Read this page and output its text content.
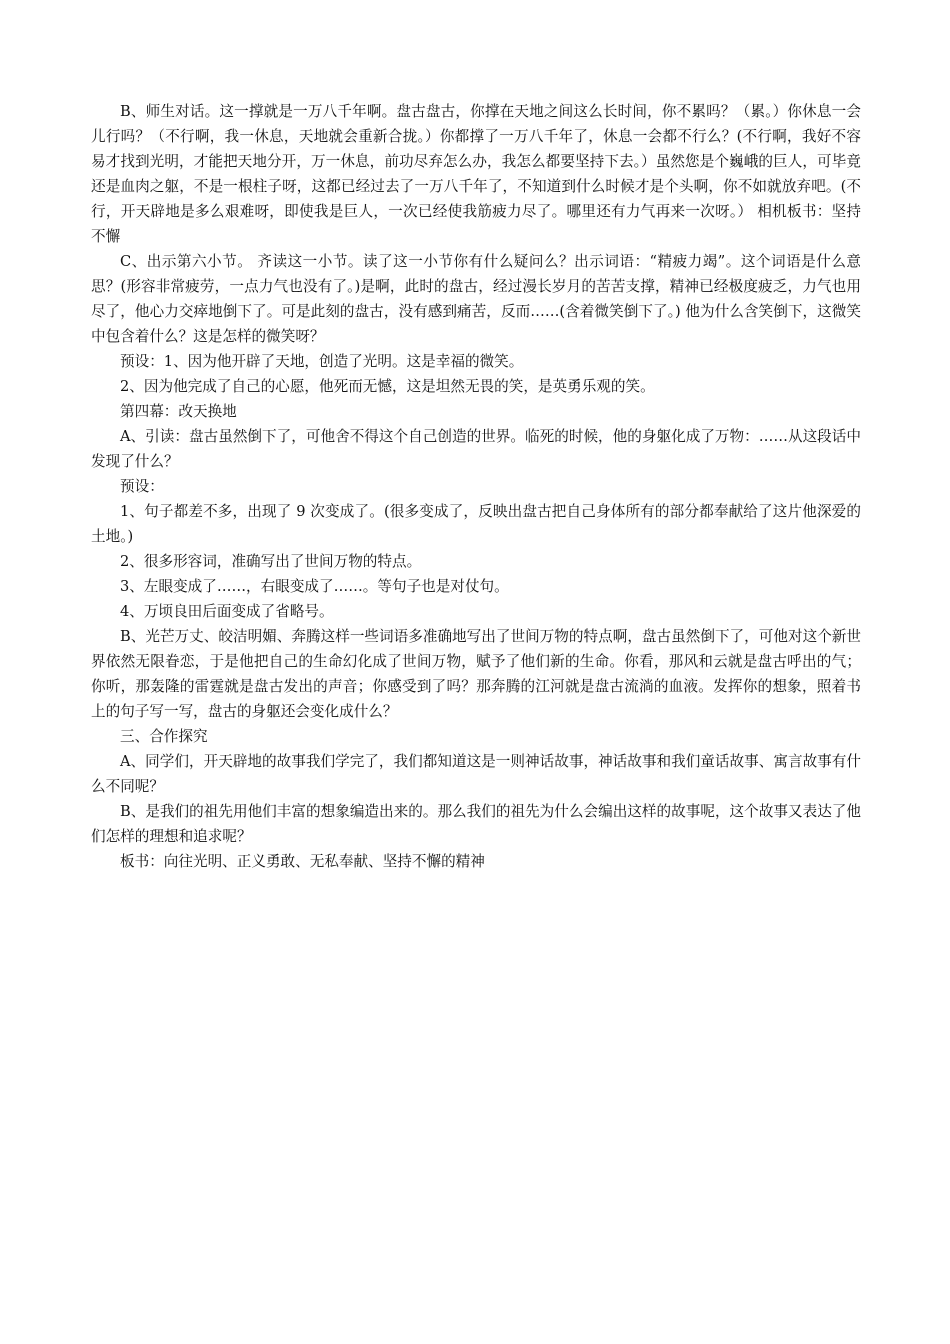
B、师生对话。这一撑就是一万八千年啊。盘古盘古，你撑在天地之间这么长时间，你不累吗？（累。）你休息一会儿行吗？（不行啊，我一休息，天地就会重新合拢。）你都撑了一万八千年了，休息一会都不行么？(不行啊，我好不容易才找到光明，才能把天地分开，万一休息，前功尽弃怎么办，我怎么都要坚持下去。）虽然您是个巍峨的巨人，可毕竟还是血肉之躯，不是一根柱子呀，这都已经过去了一万八千年了，不知道到什么时候才是个头啊，你不如就放弃吧。(不行，开天辟地是多么艰难呀，即使我是巨人，一次已经使我筋疲力尽了。哪里还有力气再来一次呀。） 相机板书：坚持不懈

C、出示第六小节。 齐读这一小节。读了这一小节你有什么疑问么？出示词语：“精疲力竭”。这个词语是什么意思？(形容非常疲劳，一点力气也没有了。)是啊，此时的盘古，经过漫长岁月的苦苦支撑，精神已经极度疲乏，力气也用尽了，他心力交瘁地倒下了。可是此刻的盘古，没有感到痛苦，反而……(含着微笑倒下了。) 他为什么含笑倒下，这微笑中包含着什么？这是怎样的微笑呀？

预设：1、因为他开辟了天地，创造了光明。这是幸福的微笑。

2、因为他完成了自己的心愿，他死而无憾，这是坦然无畏的笑，是英勇乐观的笑。

第四幕：改天换地

A、引读：盘古虽然倒下了，可他舍不得这个自己创造的世界。临死的时候，他的身躯化成了万物：……从这段话中发现了什么？

预设：

1、句子都差不多，出现了 9 次变成了。(很多变成了，反映出盘古把自己身体所有的部分都奉献给了这片他深爱的土地。)

2、很多形容词，准确写出了世间万物的特点。

3、左眼变成了……，右眼变成了……。等句子也是对仗句。

4、万顷良田后面变成了省略号。

B、光芒万丈、皎洁明媚、奔腾这样一些词语多准确地写出了世间万物的特点啊，盘古虽然倒下了，可他对这个新世界依然无限眷恋，于是他把自己的生命幻化成了世间万物，赋予了他们新的生命。你看，那风和云就是盘古呼出的气；你听，那轰隆的雷霆就是盘古发出的声音；你感受到了吗？那奔腾的江河就是盘古流淌的血液。发挥你的想象，照着书上的句子写一写，盘古的身躯还会变化成什么？

三、合作探究

A、同学们，开天辟地的故事我们学完了，我们都知道这是一则神话故事，神话故事和我们童话故事、寓言故事有什么不同呢？

B、是我们的祖先用他们丰富的想象编造出来的。那么我们的祖先为什么会编出这样的故事呢，这个故事又表达了他们怎样的理想和追求呢？

板书：向往光明、正义勇敢、无私奉献、坚持不懈的精神
